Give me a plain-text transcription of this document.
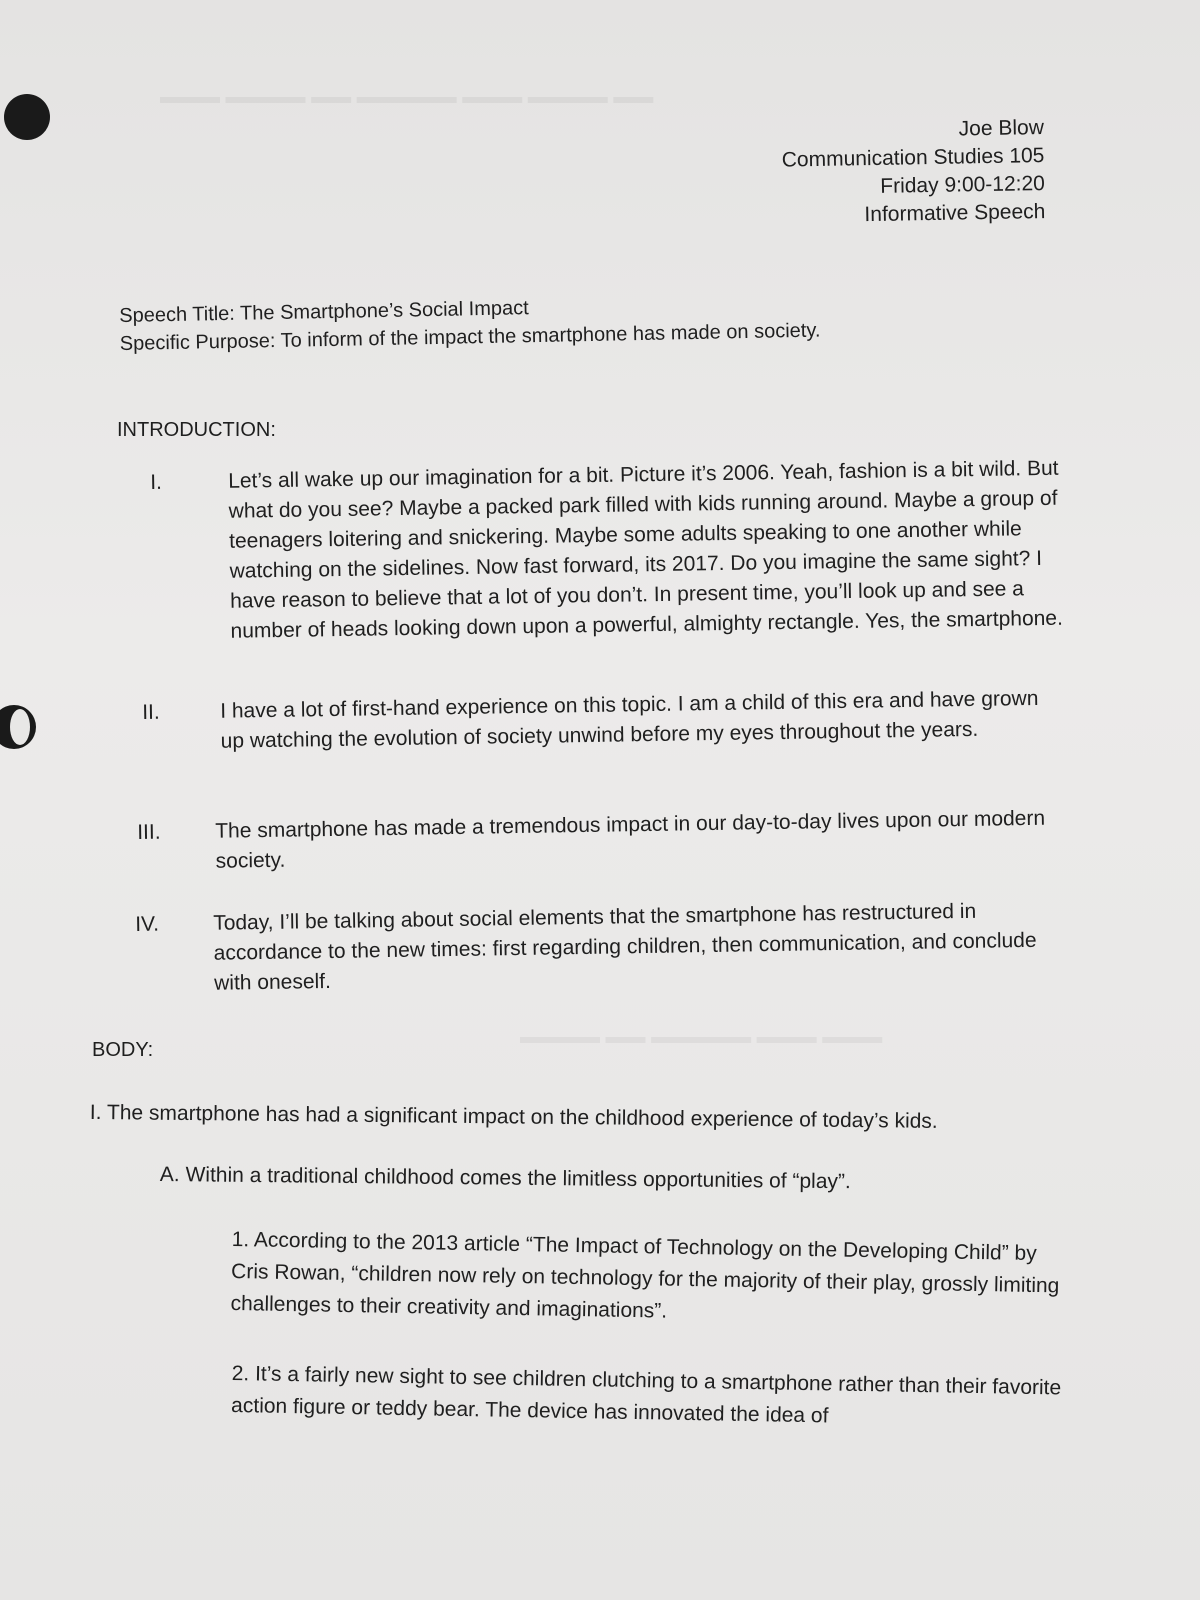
▬▬▬ ▬▬▬▬ ▬▬ ▬▬▬▬▬ ▬▬▬ ▬▬▬▬ ▬▬
▬▬▬▬ ▬▬ ▬▬▬▬▬ ▬▬▬ ▬▬▬
Joe Blow
Communication Studies 105
Friday 9:00-12:20
Informative Speech
Speech Title: The Smartphone’s Social Impact
Specific Purpose: To inform of the impact the smartphone has made on society.
INTRODUCTION:
I.	Let’s all wake up our imagination for a bit. Picture it’s 2006. Yeah, fashion is a bit wild. But what do you see? Maybe a packed park filled with kids running around. Maybe a group of teenagers loitering and snickering. Maybe some adults speaking to one another while watching on the sidelines. Now fast forward, its 2017. Do you imagine the same sight? I have reason to believe that a lot of you don’t. In present time, you’ll look up and see a number of heads looking down upon a powerful, almighty rectangle. Yes, the smartphone.
II.	I have a lot of first-hand experience on this topic. I am a child of this era and have grown up watching the evolution of society unwind before my eyes throughout the years.
III.	The smartphone has made a tremendous impact in our day-to-day lives upon our modern society.
IV.	Today, I’ll be talking about social elements that the smartphone has restructured in accordance to the new times: first regarding children, then communication, and conclude with oneself.
BODY:
I. The smartphone has had a significant impact on the childhood experience of today’s kids.
A. Within a traditional childhood comes the limitless opportunities of “play”.
1. According to the 2013 article “The Impact of Technology on the Developing Child” by Cris Rowan, “children now rely on technology for the majority of their play, grossly limiting challenges to their creativity and imaginations”.
2. It’s a fairly new sight to see children clutching to a smartphone rather than their favorite action figure or teddy bear. The device has innovated the idea of
